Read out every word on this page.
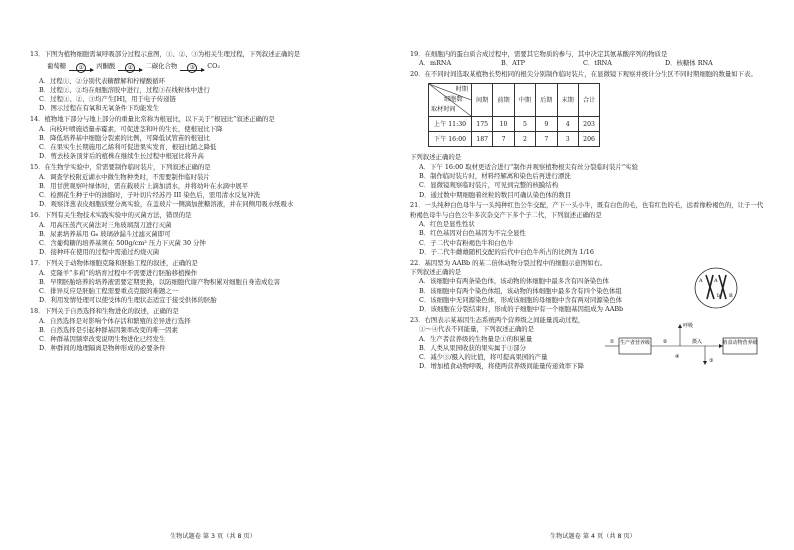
13．下图为植物细胞需氧呼吸部分过程示意图，①、②、③为相关生理过程，下列叙述正确的是

葡萄糖	①	丙酮酸	②	二碳化合物	③	CO₂

A．过程①、②分别代表糖酵解和柠檬酸循环

B．过程①、②均在细胞溶胶中进行，过程③在线粒体中进行

C．过程①、②、③均产生[H]，用于电子传递链

D．图示过程在有氧和无氧条件下均能发生

14．植物地下部分与地上部分的重量比常称为根冠比，以下关于“根冠比”叙述正确的是

A．向枝叶喷施适量赤霉素，可促进茎和叶的生长，使根冠比下降

B．降低培养基中细胞分裂素的比例，可降低试管苗的根冠比

C．在果实生长期施用乙烯利可促进果实发育，根冠比随之降低

D．剪去枝条顶芽后的植株在继续生长过程中根冠比将升高

15．在生物学实验中，常需要制作临时装片，下列叙述正确的是

A．调查学校附近湖水中微生物种类时，不需要制作临时装片

B．用甘蔗观察叶绿体时，需在载玻片上滴加清水，并将幼叶在水滴中展平

C．检测花生种子中的油脂时，子叶切片经苏丹 III 染色后，需用清水反复冲洗

D．观察洋葱表皮细胞质壁分离实验，在盖玻片一侧滴加蔗糖溶液，并在同侧用吸水纸吸水

16．下列有关生物技术实践实验中的灭菌方法，错误的是

A．用高压蒸汽灭菌法对三角玻璃刮刀进行灭菌

B．尿素培养基用 G₆ 玻璃砂漏斗过滤灭菌即可

C．含葡萄糖的培养基须在 500g/cm² 压力下灭菌 30 分钟

D．接种环在使用的过程中需通过灼烧灭菌

17．下列关于动物体细胞克隆和胚胎工程的叙述，正确的是

A．克隆羊“多莉”的培育过程中不需要进行胚胎移植操作

B．早期胚胎培养的培养液需要定期更换，以防细胞代谢产物积累对细胞自身造成危害

C．排异反应是胚胎工程需要重点克服的难题之一

D．利用发情处理可以使受体的生理状态适宜于接受供体的胚胎

18．下列关于自然选择和生物进化的叙述，正确的是

A．自然选择是对影响个体存活和繁殖的差异进行选择

B．自然选择是引起种群基因频率改变的唯一因素

C．种群基因频率改变说明生物进化已经发生

D．种群间的地理隔离是物种形成的必要条件

生物试题卷 第 3 页（共 8 页）

19．在细胞内的蛋白质合成过程中，需要其它物质的参与，其中决定其氨基酸序列的物质是

A．mRNA	B．ATP	C．tRNA	D．核糖体 RNA

20．在不同时间选取某植物长势相同的根尖分别制作临时装片，在显微镜下观察并统计分生区不同时期细胞的数量如下表。

时期
细胞数
取材时间	间期	前期	中期	后期	末期	合计
上午 11:30	175	10	5	9	4	203
下午 16:00	187	7	2	7	3	206

下列叙述正确的是

A．下午 16:00 取材更适合进行“制作并观察植物根尖有丝分裂临时装片”实验

B．制作临时装片时，材料经解离和染色后再进行漂洗

C．显微镜观察临时装片，可见到完整的核膜结构

D．通过数中期细胞着丝粒的数目可确认染色体的数目

21．一头纯种白色母牛与一头纯种红色公牛交配，产下一头小牛，既有白色的毛，也有红色的毛，远看像粉褐色的，让子一代粉褐色母牛与白色公牛多次杂交产下多个子二代，下列叙述正确的是

A．红色是显性性状

B．红色基因对白色基因为不完全显性

C．子二代中有粉褐色牛和白色牛

D．子二代牛雌雄随机交配的后代中白色牛所占的比例为 1/16

22．基因型为 AABb 的某二倍体动物分裂过程中的细胞示意图如右。

下列叙述正确的是

A．该细胞中有两条染色体，该动物的体细胞中最多含有四条染色体

B．该细胞中有两个染色体组，该动物的体细胞中最多含有四个染色体组

C．该细胞中无同源染色体，形成该细胞的母细胞中含有两对同源染色体

D．该细胞在分裂结束时，形成的子细胞中有一个细胞基因组成为 AABb

A A
b B

23．右图表示某基因生态系统两个营养级之间能量流动过程，

①～④代表不同能量，下列叙述正确的是

A．生产者营养级的生物量是①的积累量

B．人类从果园收获的果实属于③部分

C．减少③/摄入的比值，将可提高果园的产量

D．增加植食动物呼吸，将使两营养级间能量传递效率下降

生产者营养级	植食动物营养级
①	②	摄入
呼吸
③
④
生物试题卷 第 4 页（共 8 页）
